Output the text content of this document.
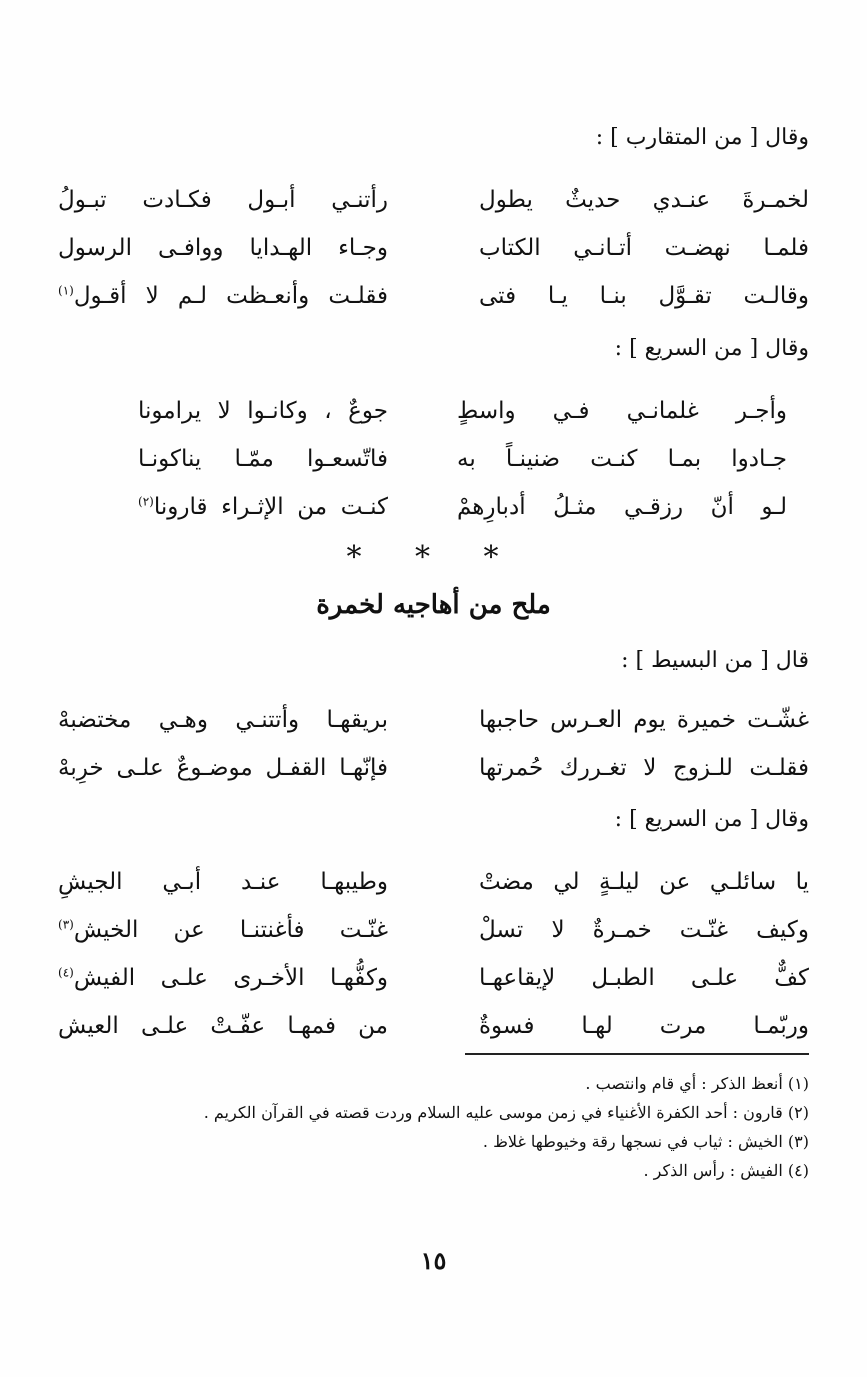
وقال [ من المتقارب ] :
لخمـرةَ عنـدي حديثٌ يطول
رأتنـي أبـول فكـادت تبـولُ
فلمـا نهضـت أتـانـي الكتاب
وجـاء الهـدايا ووافـى الرسول
وقالـت تقـوَّل بنـا يـا فتى
فقلـت وأنعـظت لـم لا أقـول$^{(١)}$
وقال [ من السريع ] :
وأجـر غلمانـي فـي واسطٍ
جوعٌ ، وكانـوا لا يرامونا
جـادوا بمـا كنـت ضنينـاً به
فاتّسعـوا ممّـا يناكونـا
لـو أنّ رزقـي مثـلُ أدبارِهمْ
كنـت من الإثـراء قارونا$^{(٢)}$
* * *
ملح من أهاجيه لخمرة
قال [ من البسيط ] :
غشّـت خميرة يوم العـرس حاجبها
بريقهـا وأتتنـي وهـي مختضبهْ
فقلـت للـزوج لا تغـررك حُمرتها
فإنّهـا القفـل موضـوعٌ علـى خرِبهْ
وقال [ من السريع ] :
يا سائلـي عن ليلـةٍ لي مضتْ
وطيبهـا عنـد أبـي الجيشِ
وكيف غنّـت خمـرةٌ لا تسلْ
غنّـت فأغنتنـا عن الخيش$^{(٣)}$
كفٌّ علـى الطبـل لإيقاعهـا
وكفُّهـا الأخـرى علـى الفيش$^{(٤)}$
وربّمـا مرت لهـا فسوةٌ
من فمهـا عفّـتْ علـى العيش
(١) أنعظ الذكر : أي قام وانتصب .
(٢) قارون : أحد الكفرة الأغنياء في زمن موسى عليه السلام وردت قصته في القرآن الكريم .
(٣) الخيش : ثياب في نسجها رقة وخيوطها غلاظ .
(٤) الفيش : رأس الذكر .
١٥
